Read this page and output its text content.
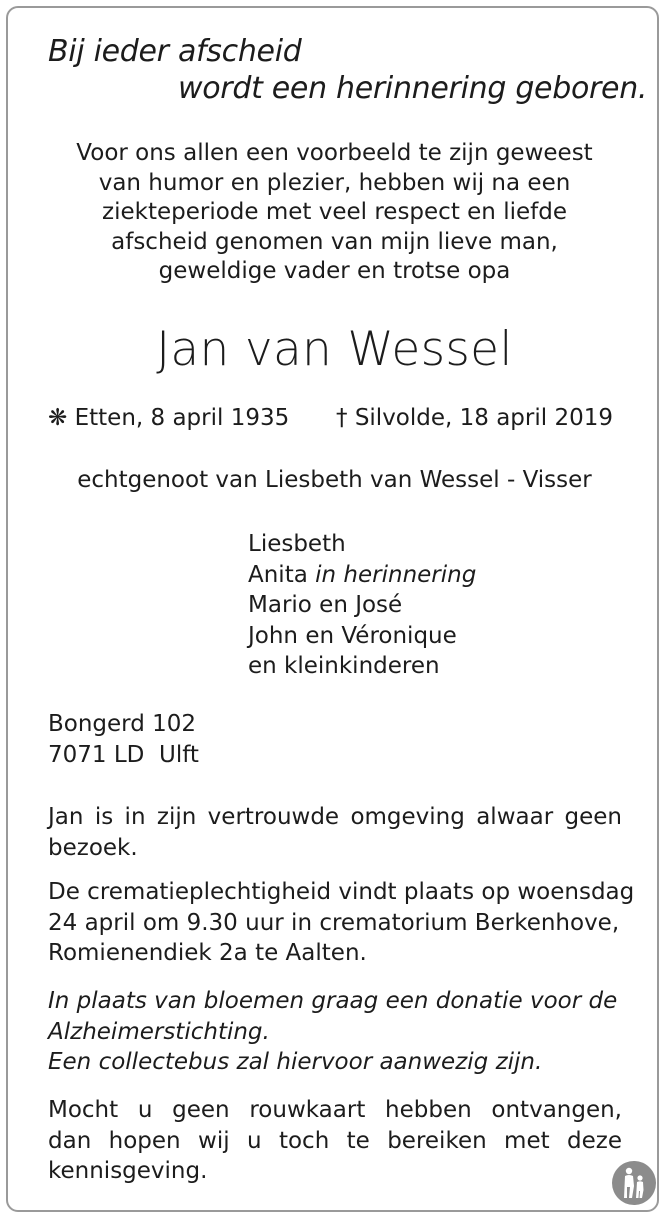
Bij ieder afscheid
wordt een herinnering geboren.
Voor ons allen een voorbeeld te zijn geweest
van humor en plezier, hebben wij na een
ziekteperiode met veel respect en liefde
afscheid genomen van mijn lieve man,
geweldige vader en trotse opa
Jan van Wessel
❋ Etten, 8 april 1935 † Silvolde, 18 april 2019
echtgenoot van Liesbeth van Wessel - Visser
Liesbeth
Anita in herinnering
Mario en José
John en Véronique
en kleinkinderen
Bongerd 102
7071 LD  Ulft
Jan is in zijn vertrouwde omgeving alwaar geen
bezoek.
De crematieplechtigheid vindt plaats op woensdag
24 april om 9.30 uur in crematorium Berkenhove,
Romienendiek 2a te Aalten.
In plaats van bloemen graag een donatie voor de
Alzheimerstichting.
Een collectebus zal hiervoor aanwezig zijn.
Mocht u geen rouwkaart hebben ontvangen,
dan hopen wij u toch te bereiken met deze
kennisgeving.
